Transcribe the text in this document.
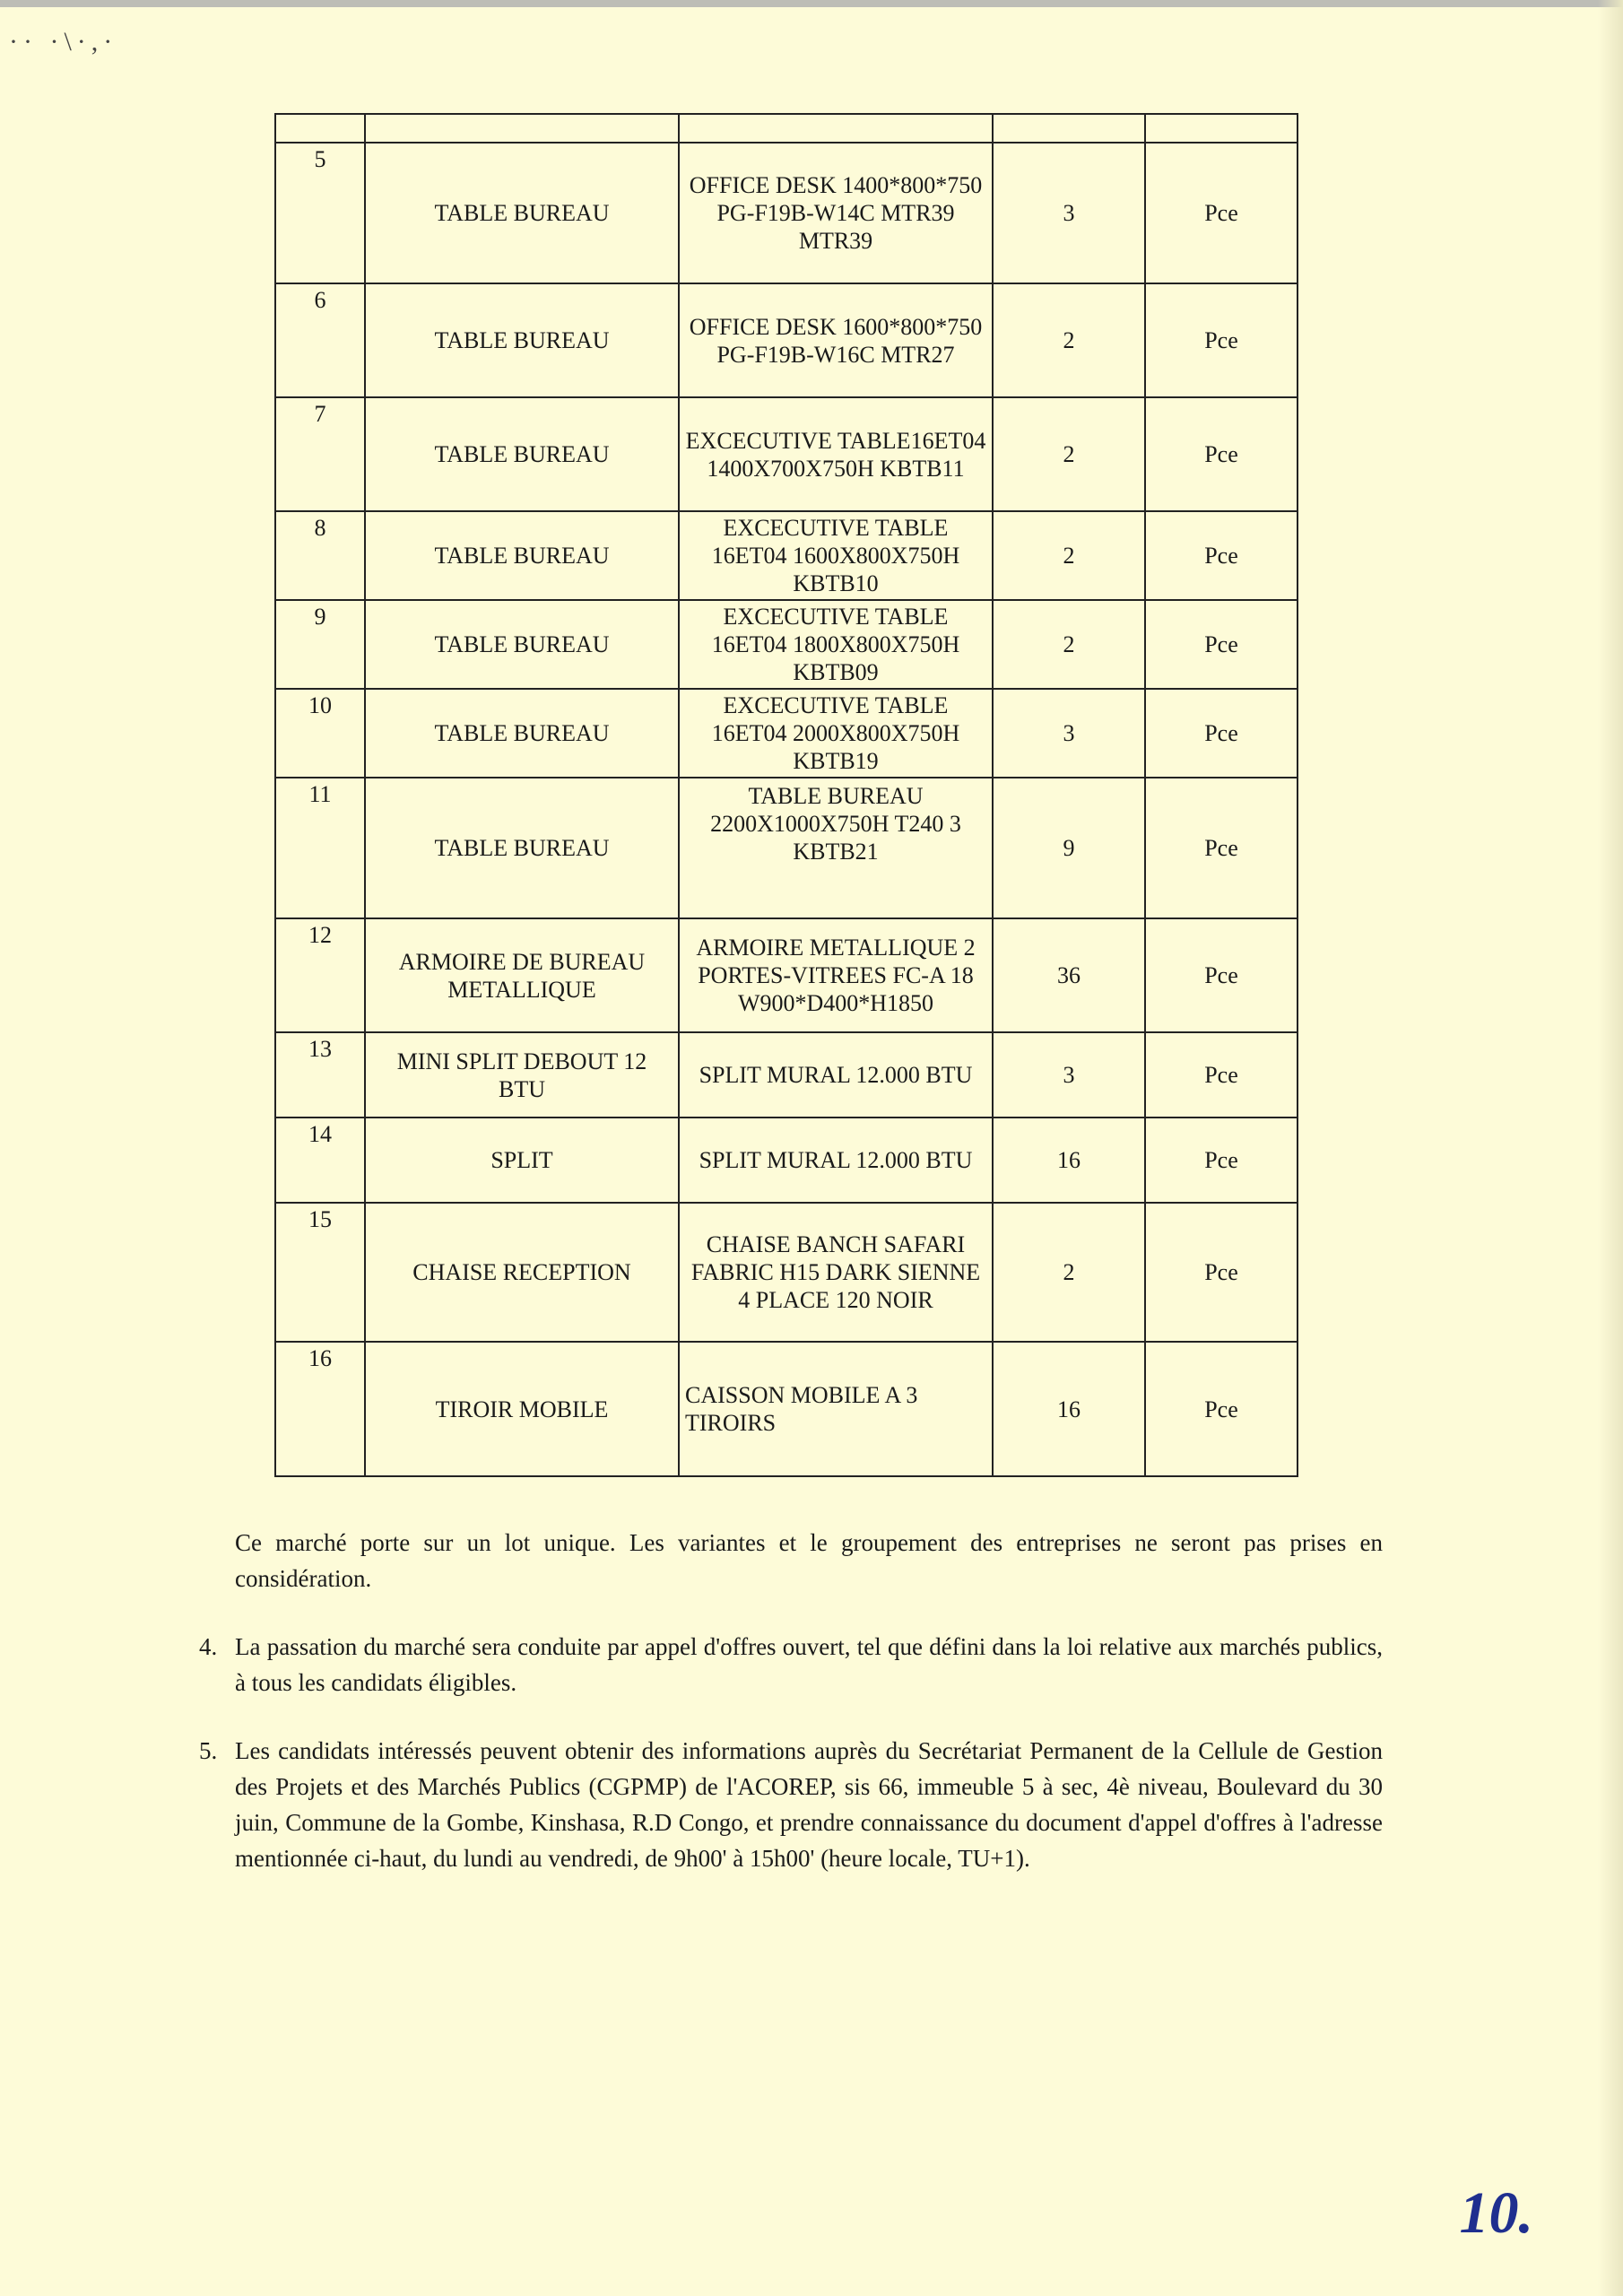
·· ·\·,·

5	TABLE BUREAU	OFFICE DESK 1400*800*750 PG-F19B-W14C MTR39 MTR39	3	Pce
6	TABLE BUREAU	OFFICE DESK 1600*800*750 PG-F19B-W16C MTR27	2	Pce
7	TABLE BUREAU	EXCECUTIVE TABLE16ET04 1400X700X750H KBTB11	2	Pce
8	TABLE BUREAU	EXCECUTIVE TABLE 16ET04 1600X800X750H KBTB10	2	Pce
9	TABLE BUREAU	EXCECUTIVE TABLE 16ET04 1800X800X750H KBTB09	2	Pce
10	TABLE BUREAU	EXCECUTIVE TABLE 16ET04 2000X800X750H KBTB19	3	Pce
11	TABLE BUREAU	TABLE BUREAU 2200X1000X750H T240 3 KBTB21	9	Pce
12	ARMOIRE DE BUREAU METALLIQUE	ARMOIRE METALLIQUE 2 PORTES-VITREES FC-A 18 W900*D400*H1850	36	Pce
13	MINI SPLIT DEBOUT 12 BTU	SPLIT MURAL 12.000 BTU	3	Pce
14	SPLIT	SPLIT MURAL 12.000 BTU	16	Pce
15	CHAISE RECEPTION	CHAISE BANCH SAFARI FABRIC H15 DARK SIENNE 4 PLACE 120 NOIR	2	Pce
16	TIROIR MOBILE	CAISSON MOBILE A 3 TIROIRS	16	Pce

Ce marché porte sur un lot unique. Les variantes et le groupement des entreprises ne seront pas prises en considération.

4. La passation du marché sera conduite par appel d'offres ouvert, tel que défini dans la loi relative aux marchés publics, à tous les candidats éligibles.
5. Les candidats intéressés peuvent obtenir des informations auprès du Secrétariat Permanent de la Cellule de Gestion des Projets et des Marchés Publics (CGPMP) de l'ACOREP, sis 66, immeuble 5 à sec, 4è niveau, Boulevard du 30 juin, Commune de la Gombe, Kinshasa, R.D Congo, et prendre connaissance du document d'appel d'offres à l'adresse mentionnée ci-haut, du lundi au vendredi, de 9h00' à 15h00' (heure locale, TU+1).
10.
